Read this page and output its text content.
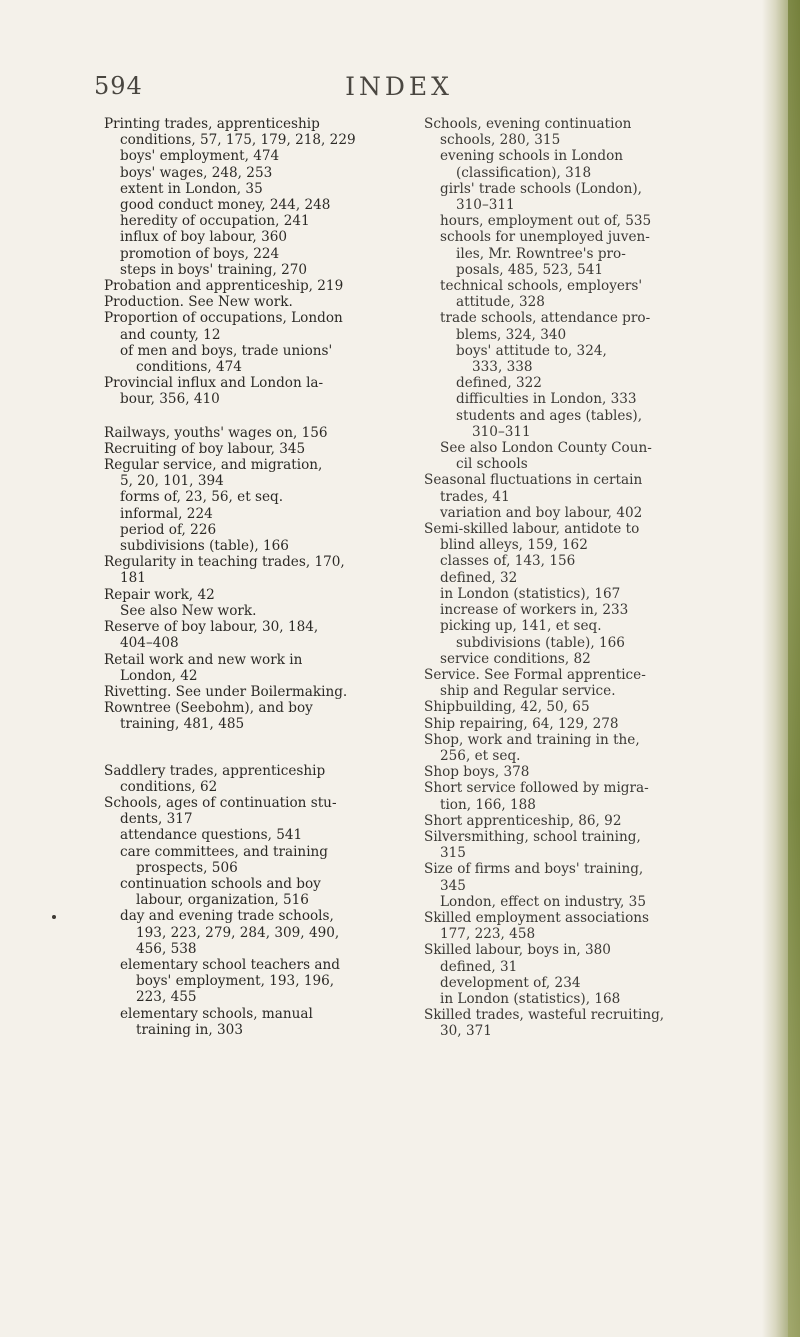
594	INDEX
Printing trades, apprenticeship
conditions, 57, 175, 179, 218, 229
boys' employment, 474
boys' wages, 248, 253
extent in London, 35
good conduct money, 244, 248
heredity of occupation, 241
influx of boy labour, 360
promotion of boys, 224
steps in boys' training, 270
Probation and apprenticeship, 219
Production. See New work.
Proportion of occupations, London
and county, 12
of men and boys, trade unions'
conditions, 474
Provincial influx and London la-
bour, 356, 410
Railways, youths' wages on, 156
Recruiting of boy labour, 345
Regular service, and migration,
5, 20, 101, 394
forms of, 23, 56, et seq.
informal, 224
period of, 226
subdivisions (table), 166
Regularity in teaching trades, 170,
181
Repair work, 42
See also New work.
Reserve of boy labour, 30, 184,
404–408
Retail work and new work in
London, 42
Rivetting. See under Boilermaking.
Rowntree (Seebohm), and boy
training, 481, 485
Saddlery trades, apprenticeship
conditions, 62
Schools, ages of continuation stu-
dents, 317
attendance questions, 541
care committees, and training
prospects, 506
continuation schools and boy
labour, organization, 516
day and evening trade schools,
193, 223, 279, 284, 309, 490,
456, 538
elementary school teachers and
boys' employment, 193, 196,
223, 455
elementary schools, manual
training in, 303
Schools, evening continuation
schools, 280, 315
evening schools in London
(classification), 318
girls' trade schools (London),
310–311
hours, employment out of, 535
schools for unemployed juven-
iles, Mr. Rowntree's pro-
posals, 485, 523, 541
technical schools, employers'
attitude, 328
trade schools, attendance pro-
blems, 324, 340
boys' attitude to, 324,
333, 338
defined, 322
difficulties in London, 333
students and ages (tables),
310–311
See also London County Coun-
cil schools
Seasonal fluctuations in certain
trades, 41
variation and boy labour, 402
Semi-skilled labour, antidote to
blind alleys, 159, 162
classes of, 143, 156
defined, 32
in London (statistics), 167
increase of workers in, 233
picking up, 141, et seq.
subdivisions (table), 166
service conditions, 82
Service. See Formal apprentice-
ship and Regular service.
Shipbuilding, 42, 50, 65
Ship repairing, 64, 129, 278
Shop, work and training in the,
256, et seq.
Shop boys, 378
Short service followed by migra-
tion, 166, 188
Short apprenticeship, 86, 92
Silversmithing, school training,
315
Size of firms and boys' training,
345
London, effect on industry, 35
Skilled employment associations
177, 223, 458
Skilled labour, boys in, 380
defined, 31
development of, 234
in London (statistics), 168
Skilled trades, wasteful recruiting,
30, 371
